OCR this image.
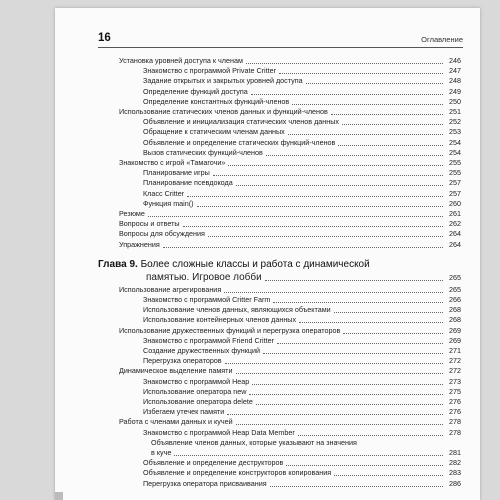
16	Оглавление
Установка уровней доступа к членам	246
Знакомство с программой Private Critter	247
Задание открытых и закрытых уровней доступа	248
Определение функций доступа	249
Определение константных функций-членов	250
Использование статических членов данных и функций-членов	251
Объявление и инициализация статических членов данных	252
Обращение к статическим членам данных	253
Объявление и определение статических функций-членов	254
Вызов статических функций-членов	254
Знакомство с игрой «Тамагочи»	255
Планирование игры	255
Планирование псевдокода	257
Класс Critter	257
Функция main()	260
Резюме	261
Вопросы и ответы	262
Вопросы для обсуждения	264
Упражнения	264
Глава 9. Более сложные классы и работа с динамической
памятью. Игровое лобби	265
Использование агрегирования	265
Знакомство с программой Critter Farm	266
Использование членов данных, являющихся объектами	268
Использование контейнерных членов данных	268
Использование дружественных функций и перегрузка операторов	269
Знакомство с программой Friend Critter	269
Создание дружественных функций	271
Перегрузка операторов	272
Динамическое выделение памяти	272
Знакомство с программой Heap	273
Использование оператора new	275
Использование оператора delete	276
Избегаем утечек памяти	276
Работа с членами данных и кучей	278
Знакомство с программой Heap Data Member	278
Объявление членов данных, которые указывают на значения
в куче	281
Объявление и определение деструкторов	282
Объявление и определение конструкторов копирования	283
Перегрузка оператора присваивания	286
